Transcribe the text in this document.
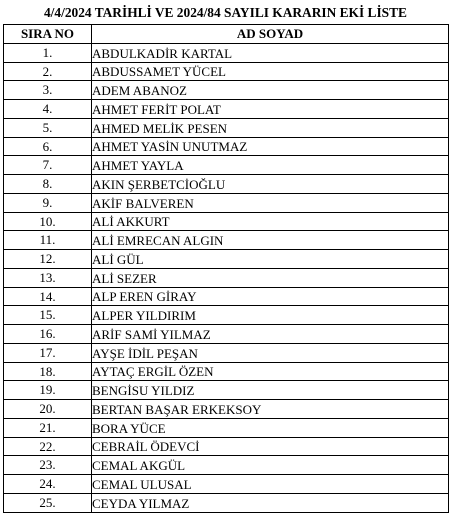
4/4/2024 TARİHLİ VE 2024/84 SAYILI KARARIN EKİ LİSTE
SIRA NO	AD SOYAD
1.	ABDULKADİR KARTAL
2.	ABDUSSAMET YÜCEL
3.	ADEM ABANOZ
4.	AHMET FERİT POLAT
5.	AHMED MELİK PESEN
6.	AHMET YASİN UNUTMAZ
7.	AHMET YAYLA
8.	AKIN ŞERBETCİOĞLU
9.	AKİF BALVEREN
10.	ALİ AKKURT
11.	ALİ EMRECAN ALGIN
12.	ALİ GÜL
13.	ALİ SEZER
14.	ALP EREN GİRAY
15.	ALPER YILDIRIM
16.	ARİF SAMİ YILMAZ
17.	AYŞE İDİL PEŞAN
18.	AYTAÇ ERGİL ÖZEN
19.	BENGİSU YILDIZ
20.	BERTAN BAŞAR ERKEKSOY
21.	BORA YÜCE
22.	CEBRAİL ÖDEVCİ
23.	CEMAL AKGÜL
24.	CEMAL ULUSAL
25.	CEYDA YILMAZ
